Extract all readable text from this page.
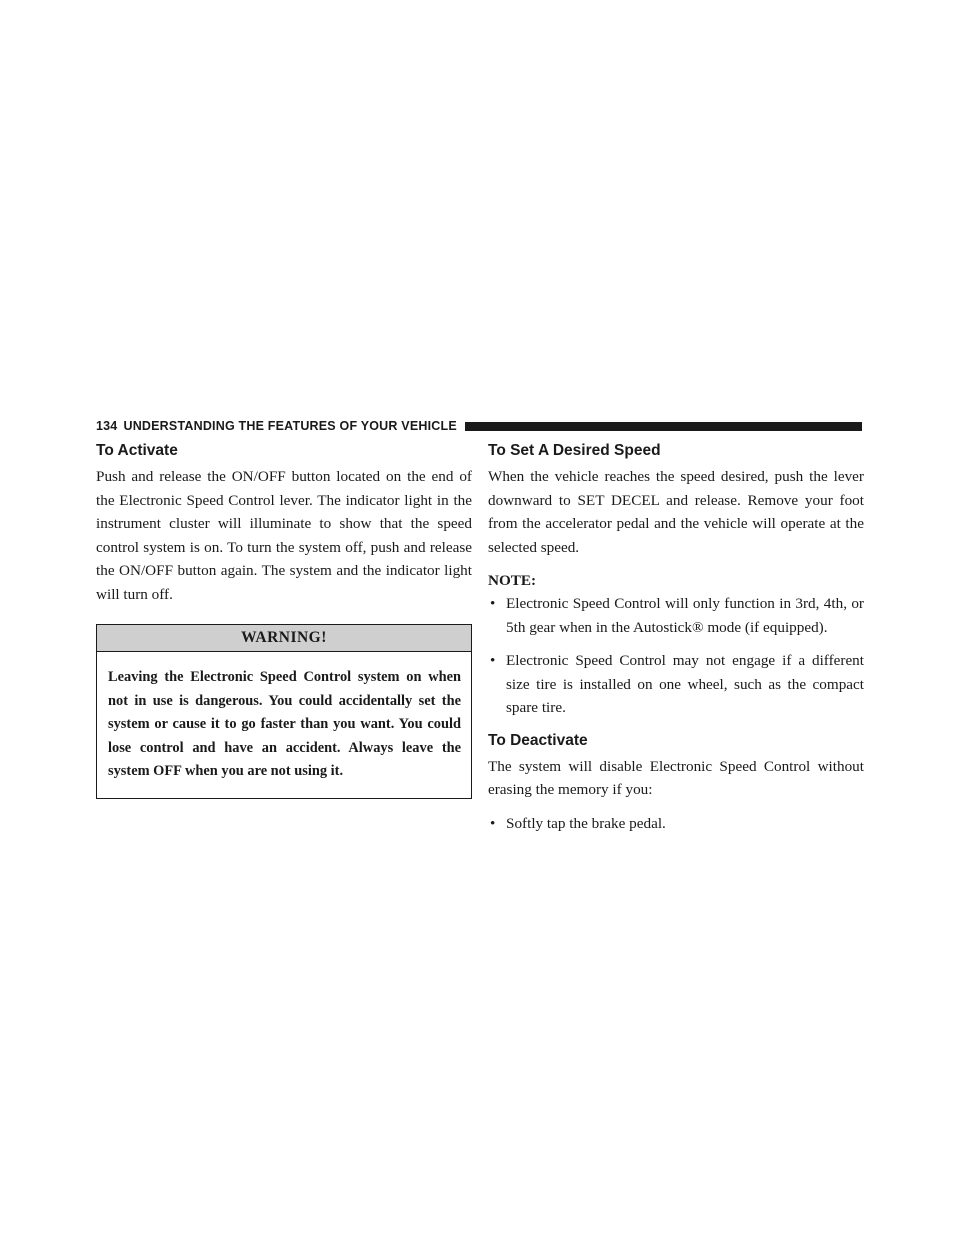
134 UNDERSTANDING THE FEATURES OF YOUR VEHICLE
To Activate

Push and release the ON/OFF button located on the end of the Electronic Speed Control lever. The indicator light in the instrument cluster will illuminate to show that the speed control system is on. To turn the system off, push and release the ON/OFF button again. The system and the indicator light will turn off.

WARNING!
Leaving the Electronic Speed Control system on when not in use is dangerous. You could accidentally set the system or cause it to go faster than you want. You could lose control and have an accident. Always leave the system OFF when you are not using it.
To Set A Desired Speed

When the vehicle reaches the speed desired, push the lever downward to SET DECEL and release. Remove your foot from the accelerator pedal and the vehicle will operate at the selected speed.

NOTE:
• Electronic Speed Control will only function in 3rd, 4th, or 5th gear when in the Autostick® mode (if equipped).
• Electronic Speed Control may not engage if a different size tire is installed on one wheel, such as the compact spare tire.
To Deactivate

The system will disable Electronic Speed Control without erasing the memory if you:

• Softly tap the brake pedal.
